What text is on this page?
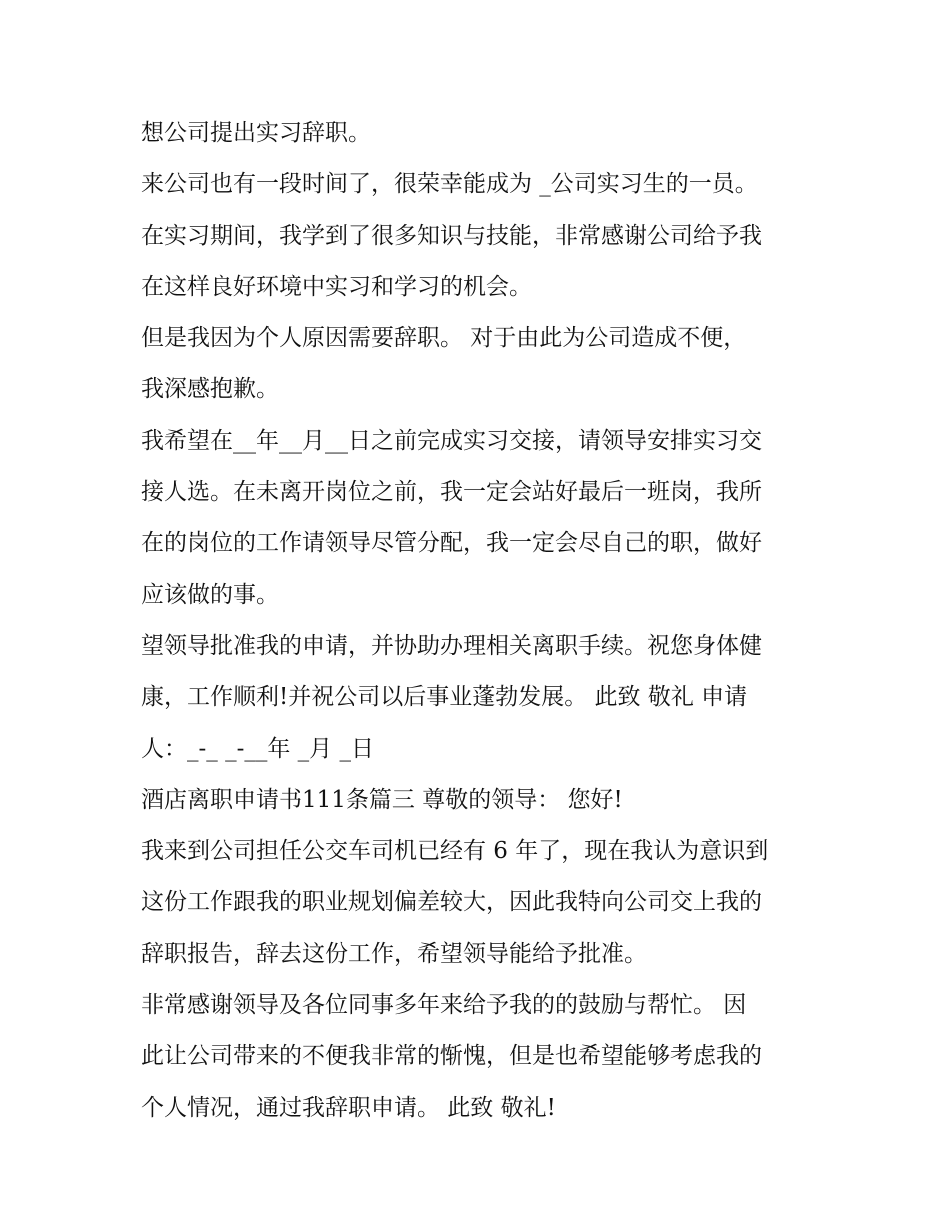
想公司提出实习辞职。
来公司也有一段时间了，很荣幸能成为 _公司实习生的一员。
在实习期间，我学到了很多知识与技能，非常感谢公司给予我
在这样良好环境中实习和学习的机会。
但是我因为个人原因需要辞职。 对于由此为公司造成不便，
我深感抱歉。
我希望在__年__月__日之前完成实习交接，请领导安排实习交
接人选。在未离开岗位之前，我一定会站好最后一班岗，我所
在的岗位的工作请领导尽管分配，我一定会尽自己的职，做好
应该做的事。
望领导批准我的申请，并协助办理相关离职手续。祝您身体健
康，工作顺利!并祝公司以后事业蓬勃发展。 此致 敬礼 申请
人：_-_ _-__年 _月 _日
酒店离职申请书111条篇三 尊敬的领导： 您好!
我来到公司担任公交车司机已经有 6 年了，现在我认为意识到
这份工作跟我的职业规划偏差较大，因此我特向公司交上我的
辞职报告，辞去这份工作，希望领导能给予批准。
非常感谢领导及各位同事多年来给予我的的鼓励与帮忙。 因
此让公司带来的不便我非常的惭愧，但是也希望能够考虑我的
个人情况，通过我辞职申请。 此致 敬礼!
